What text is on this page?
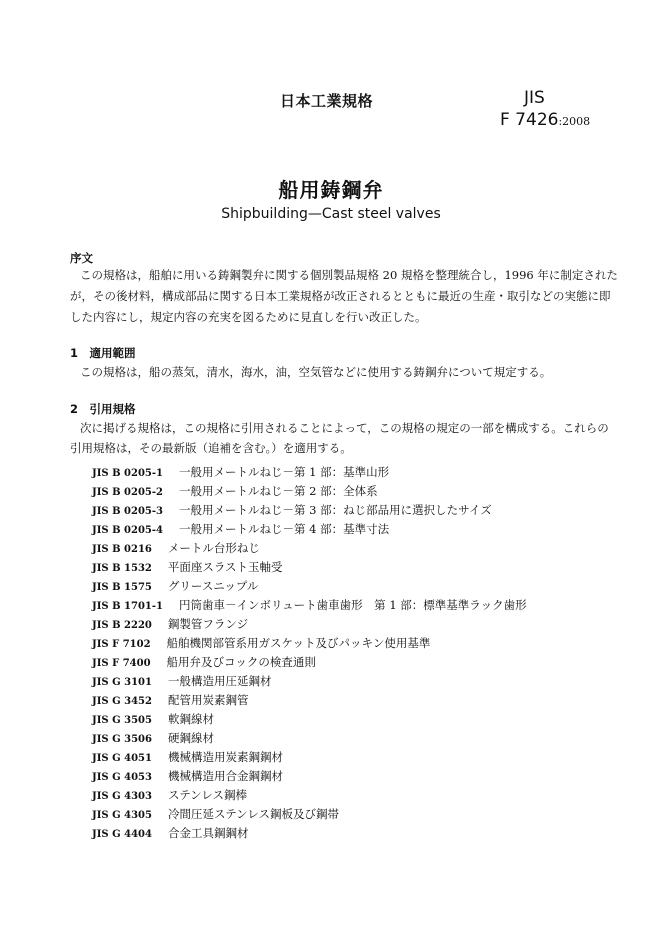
日本工業規格	JIS
F 7426:2008
船用鋳鋼弁
Shipbuilding—Cast steel valves
序文
この規格は，船舶に用いる鋳鋼製弁に関する個別製品規格 20 規格を整理統合し，1996 年に制定された
が，その後材料，構成部品に関する日本工業規格が改正されるとともに最近の生産・取引などの実態に即
した内容にし，規定内容の充実を図るために見直しを行い改正した。
1　 適用範囲
この規格は，船の蒸気，清水，海水，油，空気管などに使用する鋳鋼弁について規定する。
2　 引用規格
次に掲げる規格は，この規格に引用されることによって，この規格の規定の一部を構成する。これらの
引用規格は，その最新版（追補を含む。）を適用する。
JIS B 0205-1　 一般用メートルねじ－第 1 部：基準山形
JIS B 0205-2　 一般用メートルねじ－第 2 部：全体系
JIS B 0205-3　 一般用メートルねじ－第 3 部：ねじ部品用に選択したサイズ
JIS B 0205-4　 一般用メートルねじ－第 4 部：基準寸法
JIS B 0216　 メートル台形ねじ
JIS B 1532　 平面座スラスト玉軸受
JIS B 1575　 グリースニップル
JIS B 1701-1　 円筒歯車－インボリュート歯車歯形　第 1 部：標準基準ラック歯形
JIS B 2220　 鋼製管フランジ
JIS F 7102　 船舶機関部管系用ガスケット及びパッキン使用基準
JIS F 7400　 船用弁及びコックの検査通則
JIS G 3101　 一般構造用圧延鋼材
JIS G 3452　 配管用炭素鋼管
JIS G 3505　 軟鋼線材
JIS G 3506　 硬鋼線材
JIS G 4051　 機械構造用炭素鋼鋼材
JIS G 4053　 機械構造用合金鋼鋼材
JIS G 4303　 ステンレス鋼棒
JIS G 4305　 冷間圧延ステンレス鋼板及び鋼帯
JIS G 4404　 合金工具鋼鋼材
